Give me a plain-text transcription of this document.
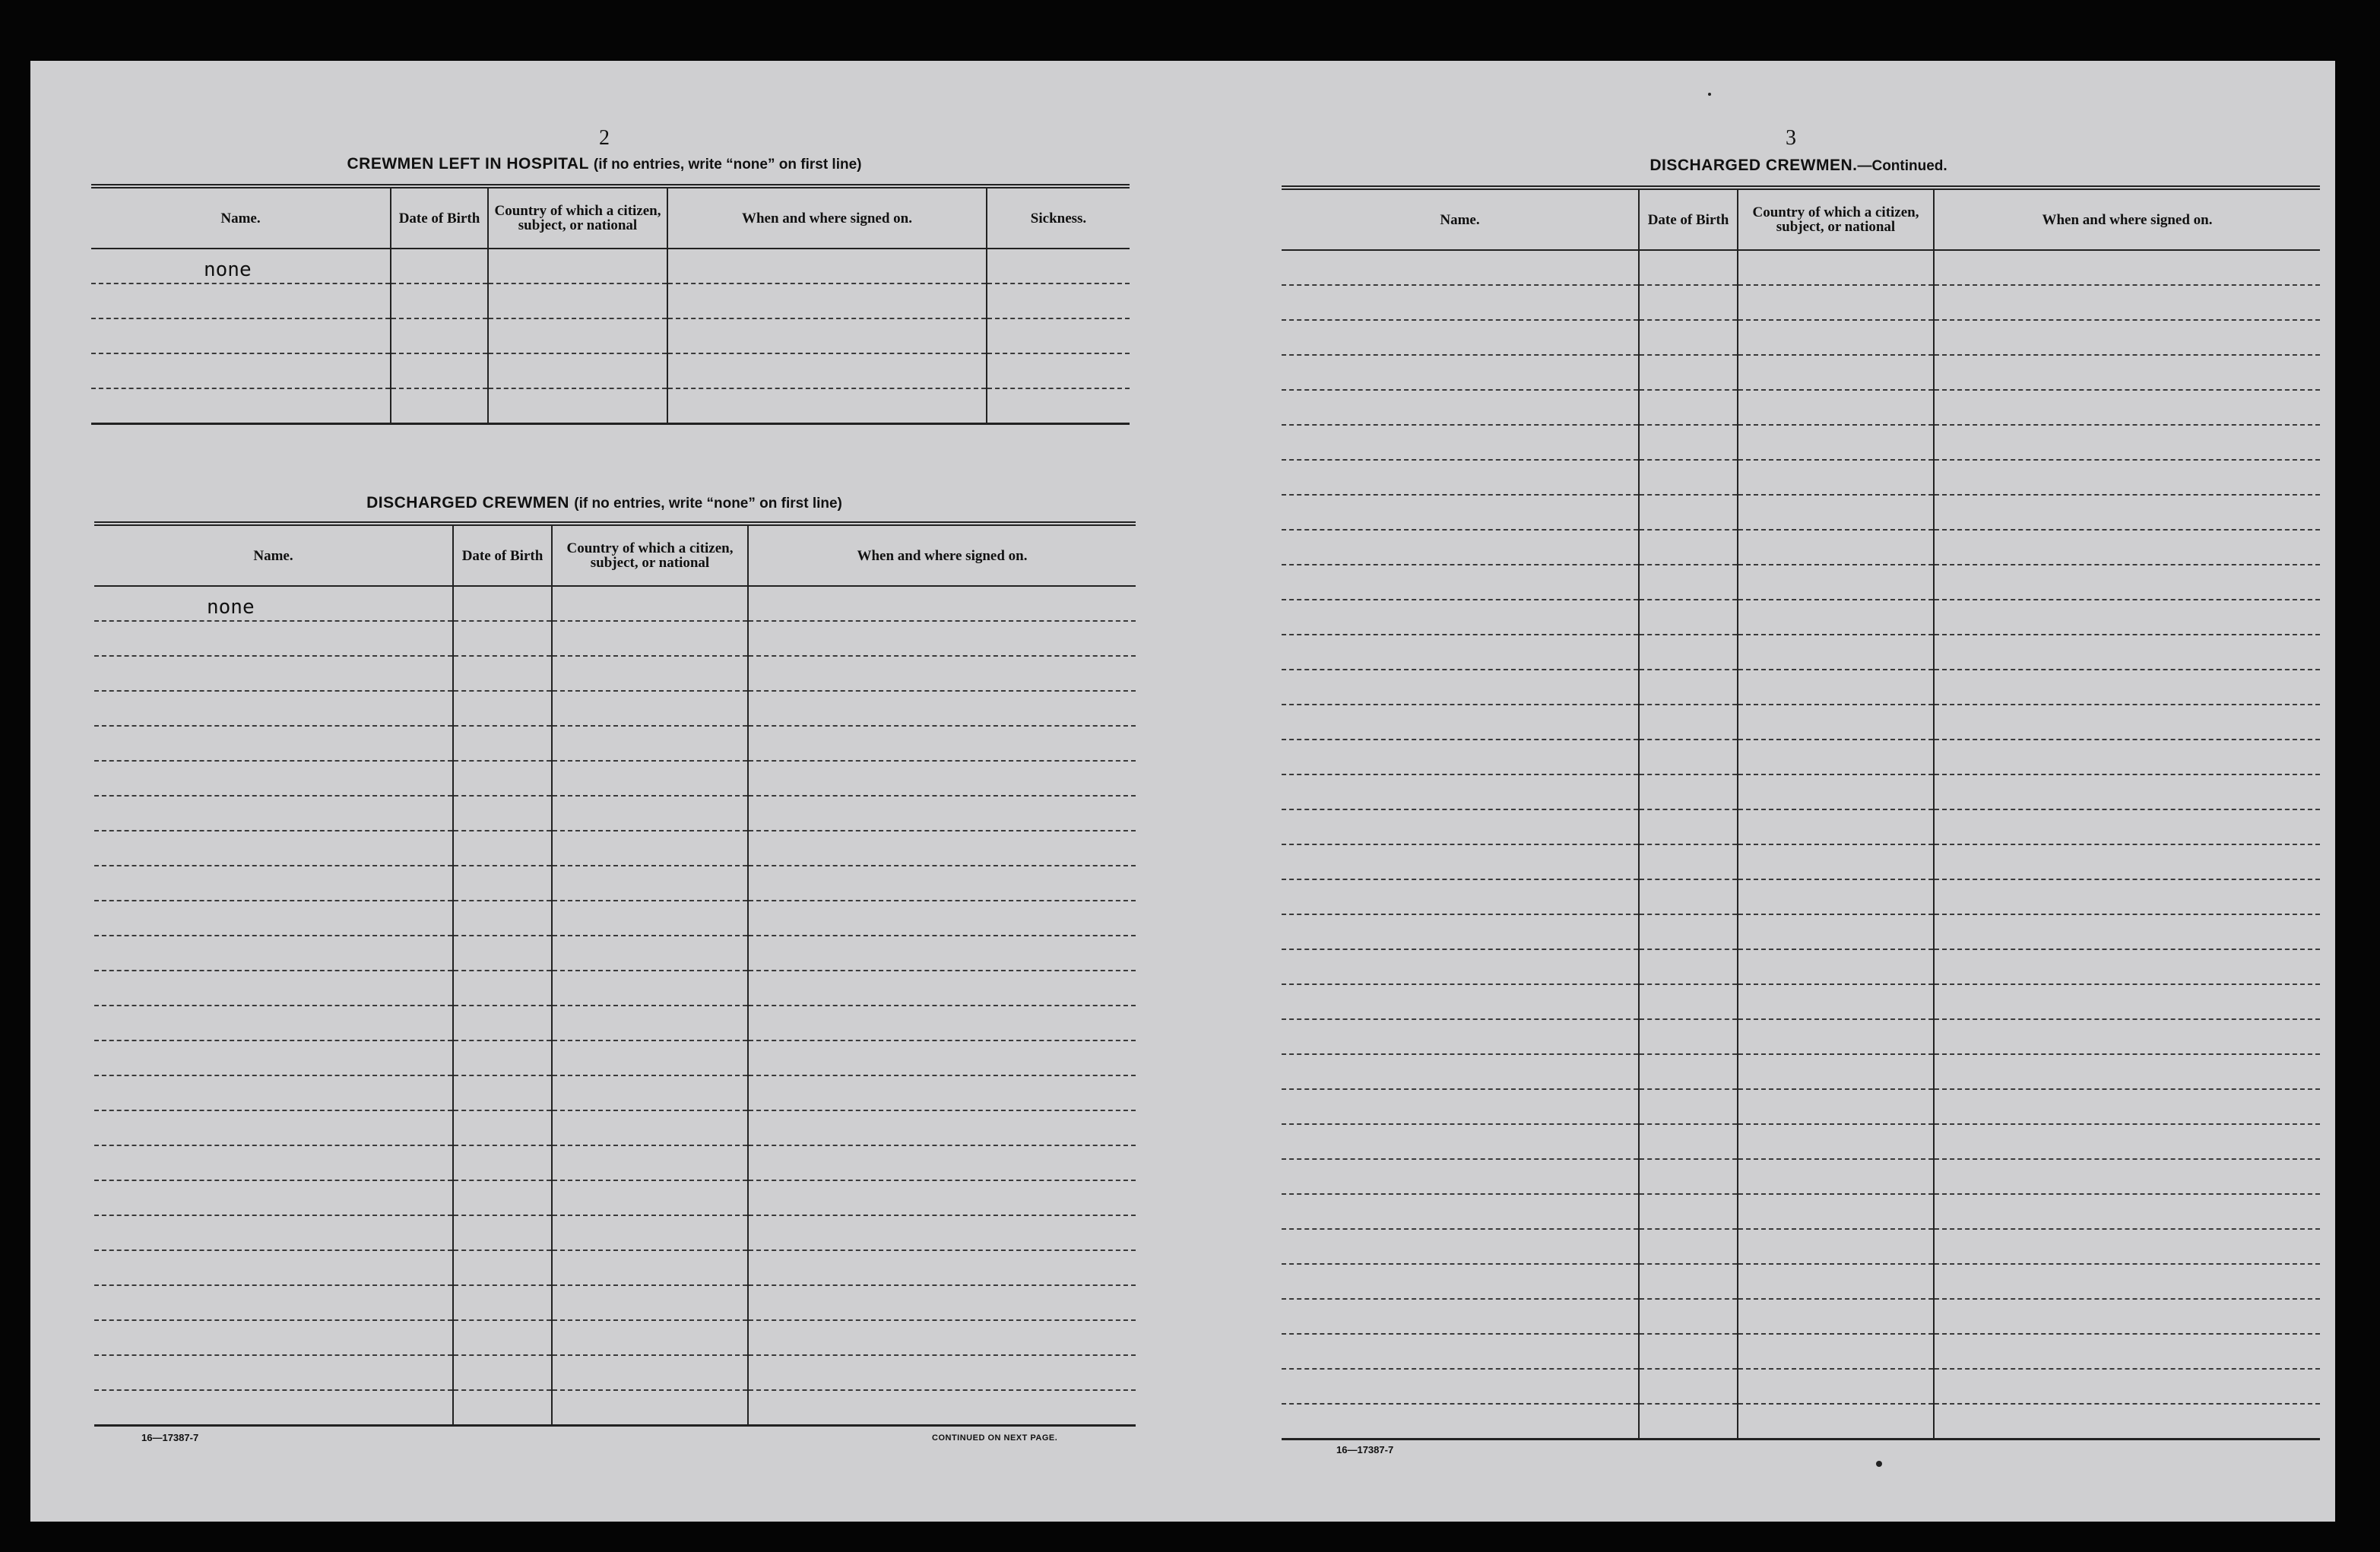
2
CREWMEN LEFT IN HOSPITAL (if no entries, write “none” on first line)
Name.	Date of Birth	Country of which a citizen, subject, or national	When and where signed on.	Sickness.
none				

DISCHARGED CREWMEN (if no entries, write “none” on first line)
Name.	Date of Birth	Country of which a citizen, subject, or national	When and where signed on.
none			

16—17387-7	CONTINUED ON NEXT PAGE.
3
DISCHARGED CREWMEN.—Continued.
Name.	Date of Birth	Country of which a citizen, subject, or national	When and where signed on.

16—17387-7
